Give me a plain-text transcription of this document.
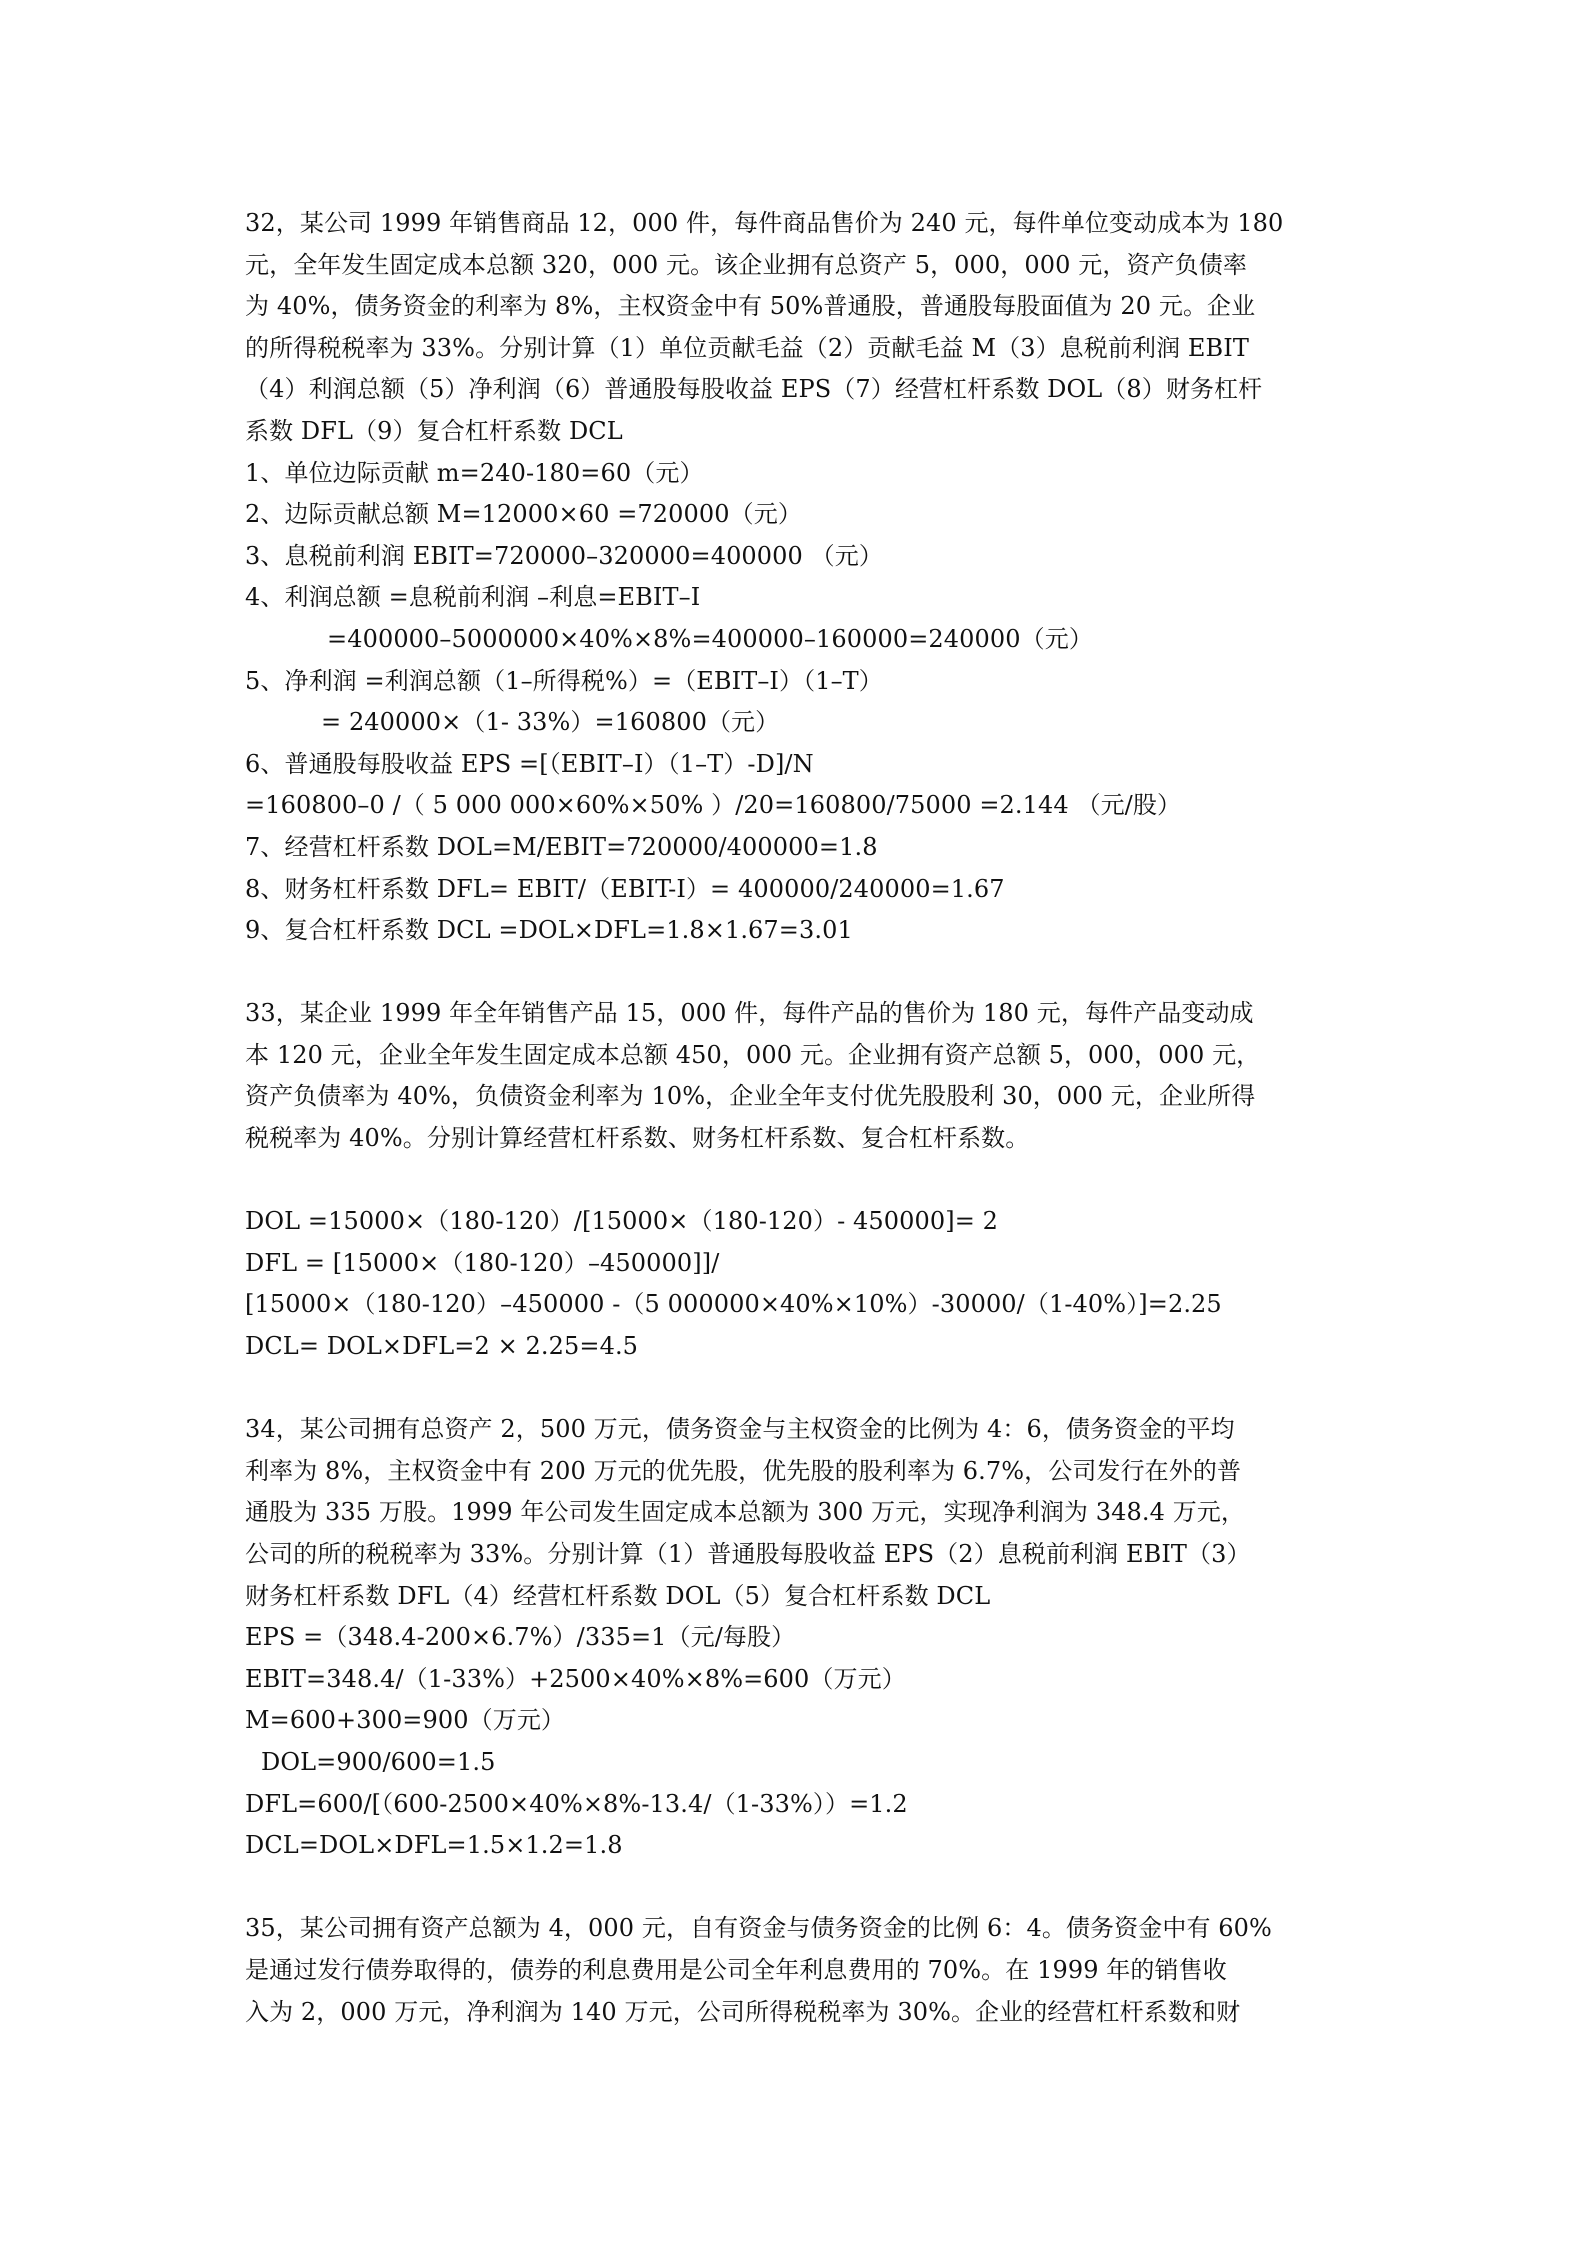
32，某公司 1999 年销售商品 12，000 件，每件商品售价为 240 元，每件单位变动成本为 180
元，全年发生固定成本总额 320，000 元。该企业拥有总资产 5，000，000 元，资产负债率
为 40%，债务资金的利率为 8%，主权资金中有 50%普通股，普通股每股面值为 20 元。企业
的所得税税率为 33%。分别计算（1）单位贡献毛益（2）贡献毛益 M（3）息税前利润 EBIT
（4）利润总额（5）净利润（6）普通股每股收益 EPS（7）经营杠杆系数 DOL（8）财务杠杆
系数 DFL（9）复合杠杆系数 DCL
1、单位边际贡献 m=240-180=60（元）
2、边际贡献总额 M=12000×60 =720000（元）
3、息税前利润 EBIT=720000–320000=400000 （元）
4、利润总额 =息税前利润 –利息=EBIT–I
=400000–5000000×40%×8%=400000–160000=240000（元）
5、净利润 =利润总额（1–所得税%）=（EBIT–I）（1–T）
= 240000×（1- 33%）=160800（元）
6、普通股每股收益 EPS =[（EBIT–I）（1–T）-D]/N
=160800–0 /（ 5 000 000×60%×50% ）/20=160800/75000 =2.144 （元/股）
7、经营杠杆系数 DOL=M/EBIT=720000/400000=1.8
8、财务杠杆系数 DFL= EBIT/（EBIT-I）= 400000/240000=1.67
9、复合杠杆系数 DCL =DOL×DFL=1.8×1.67=3.01
33，某企业 1999 年全年销售产品 15，000 件，每件产品的售价为 180 元，每件产品变动成
本 120 元，企业全年发生固定成本总额 450，000 元。企业拥有资产总额 5，000，000 元，
资产负债率为 40%，负债资金利率为 10%，企业全年支付优先股股利 30，000 元，企业所得
税税率为 40%。分别计算经营杠杆系数、财务杠杆系数、复合杠杆系数。
DOL =15000×（180-120）/[15000×（180-120）- 450000]= 2
DFL = [15000×（180-120）–450000]]/
[15000×（180-120）–450000 -（5 000000×40%×10%）-30000/（1-40%）]=2.25
DCL= DOL×DFL=2 × 2.25=4.5
34，某公司拥有总资产 2，500 万元，债务资金与主权资金的比例为 4：6，债务资金的平均
利率为 8%，主权资金中有 200 万元的优先股，优先股的股利率为 6.7%，公司发行在外的普
通股为 335 万股。1999 年公司发生固定成本总额为 300 万元，实现净利润为 348.4 万元，
公司的所的税税率为 33%。分别计算（1）普通股每股收益 EPS（2）息税前利润 EBIT（3）
财务杠杆系数 DFL（4）经营杠杆系数 DOL（5）复合杠杆系数 DCL
EPS =（348.4-200×6.7%）/335=1（元/每股）
EBIT=348.4/（1-33%）+2500×40%×8%=600（万元）
M=600+300=900（万元）
DOL=900/600=1.5
DFL=600/[（600-2500×40%×8%-13.4/（1-33%））=1.2
DCL=DOL×DFL=1.5×1.2=1.8
35，某公司拥有资产总额为 4，000 元，自有资金与债务资金的比例 6：4。债务资金中有 60%
是通过发行债券取得的，债券的利息费用是公司全年利息费用的 70%。在 1999 年的销售收
入为 2，000 万元，净利润为 140 万元，公司所得税税率为 30%。企业的经营杠杆系数和财
